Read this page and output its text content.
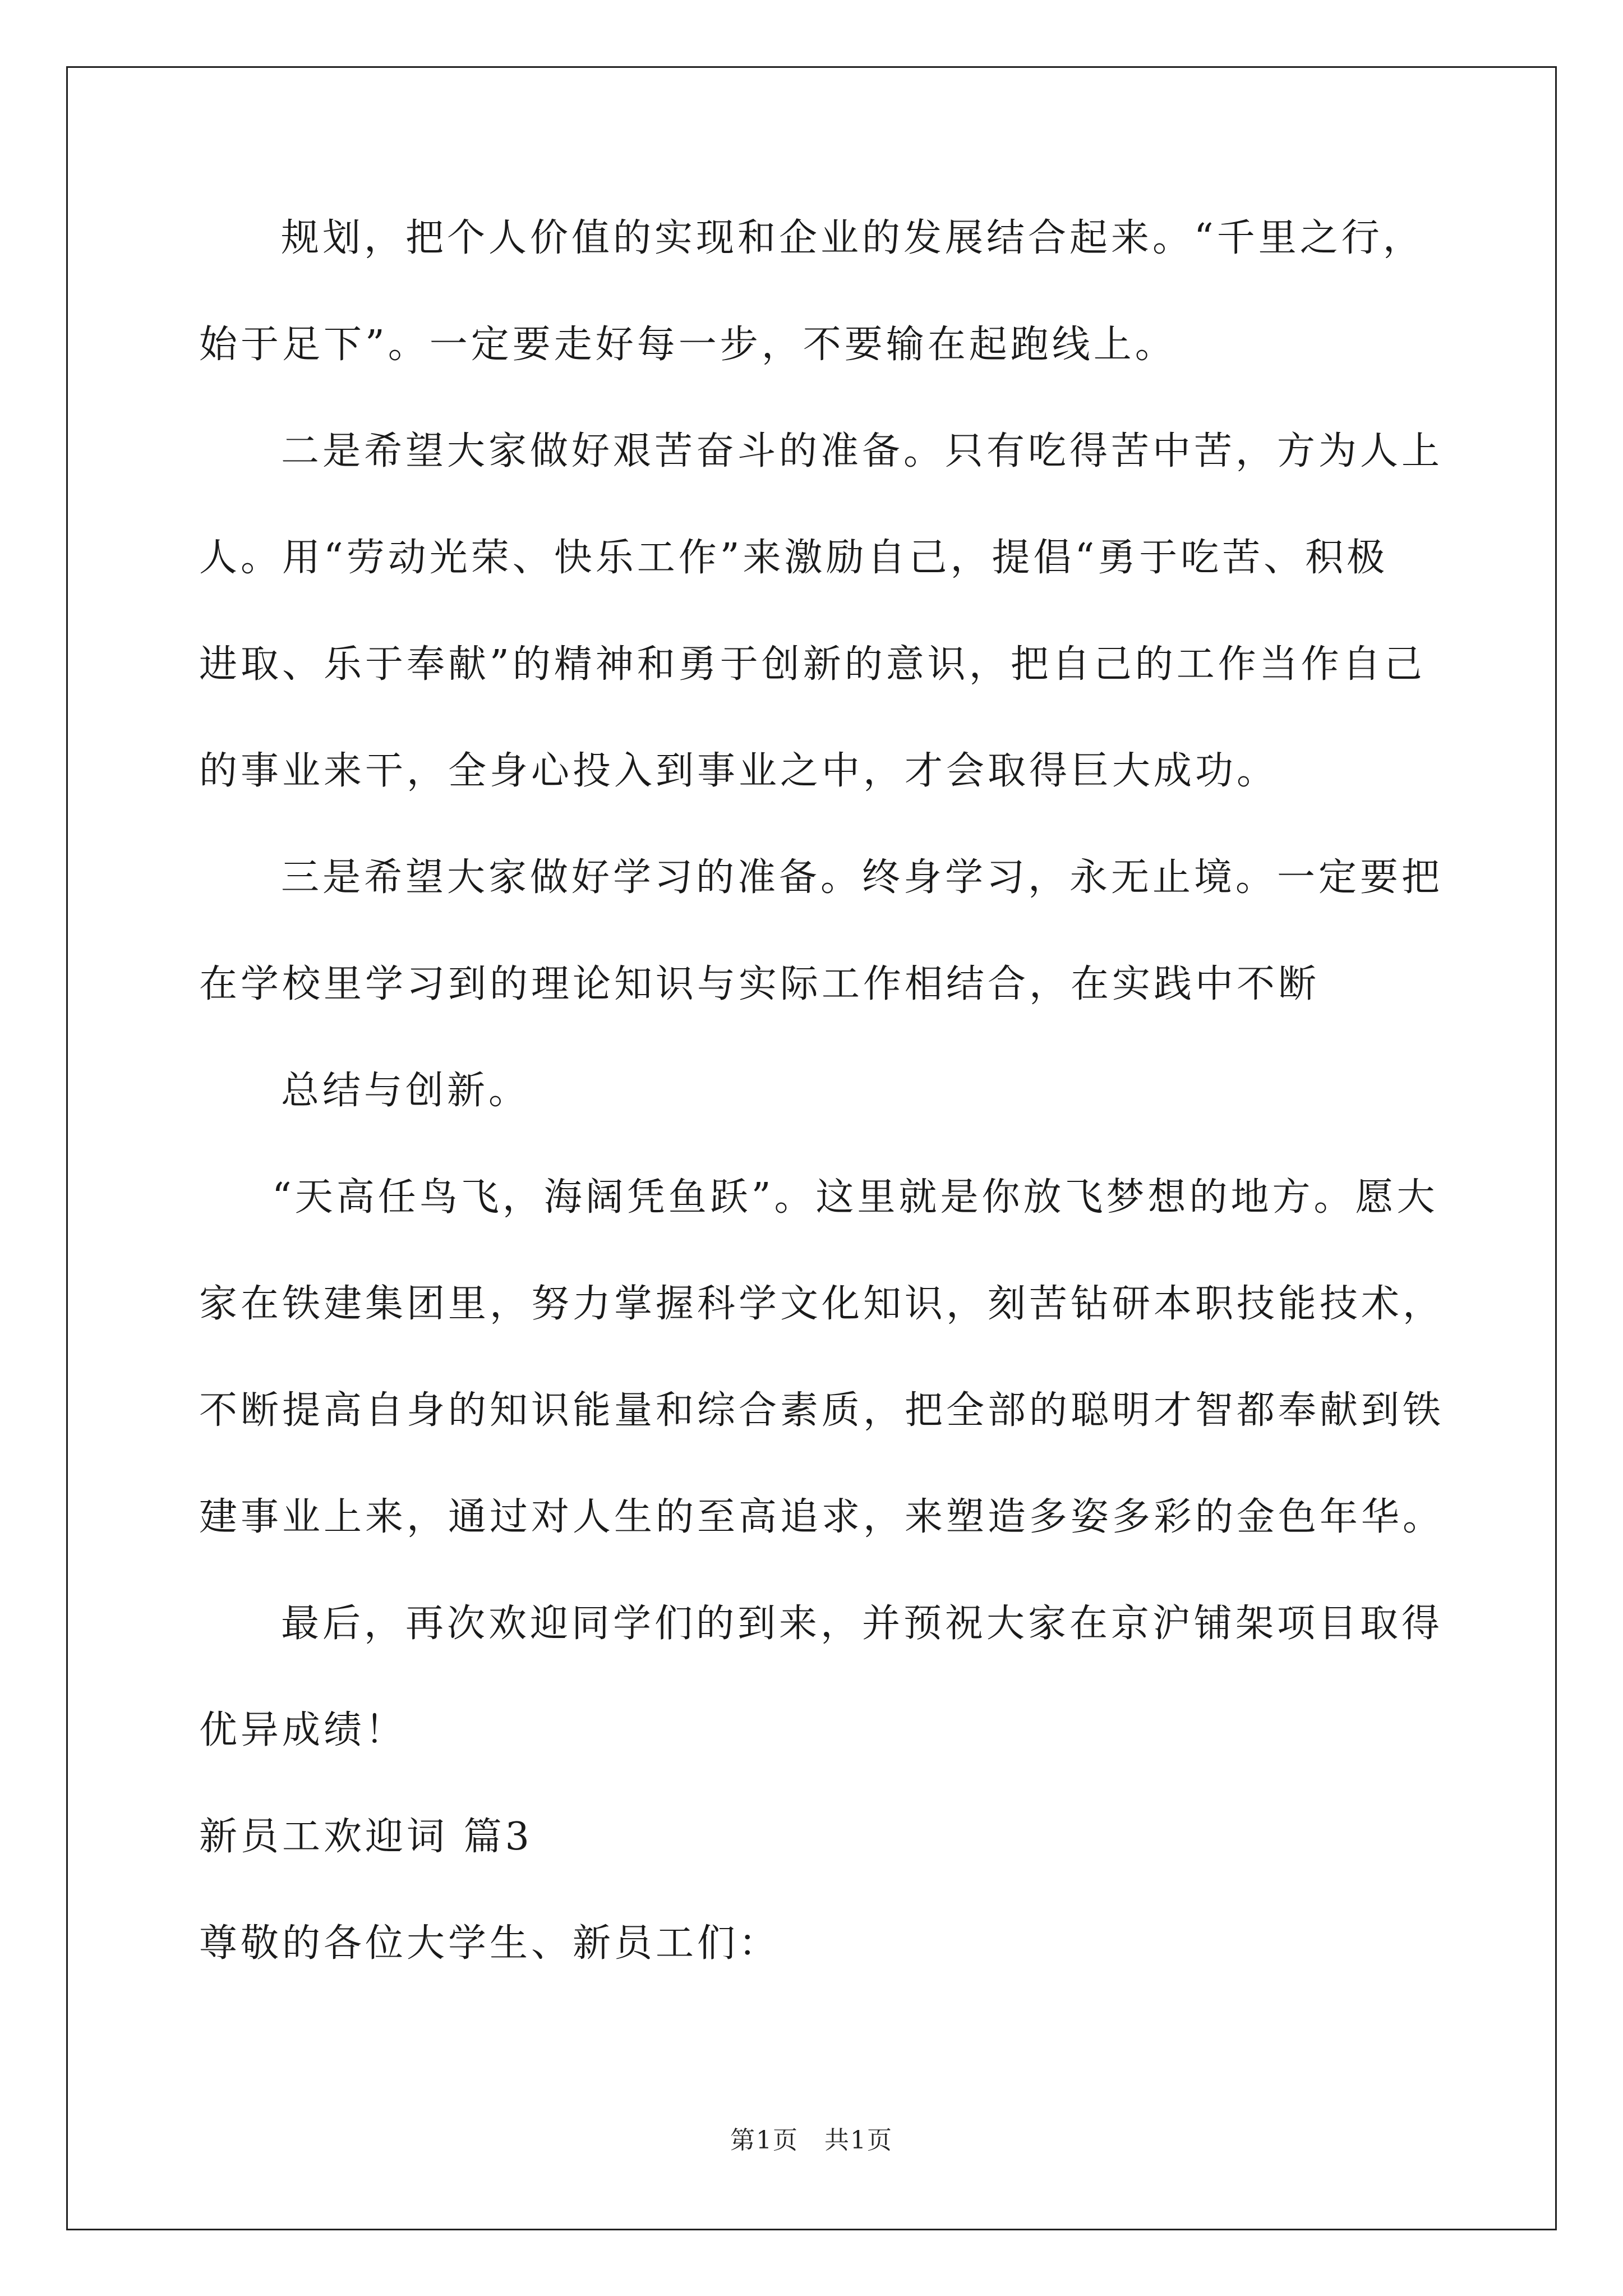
规划，把个人价值的实现和企业的发展结合起来。“千里之行，
始于足下”。一定要走好每一步，不要输在起跑线上。
二是希望大家做好艰苦奋斗的准备。只有吃得苦中苦，方为人上
人。用“劳动光荣、快乐工作”来激励自己，提倡“勇于吃苦、积极
进取、乐于奉献”的精神和勇于创新的意识，把自己的工作当作自己
的事业来干，全身心投入到事业之中，才会取得巨大成功。
三是希望大家做好学习的准备。终身学习，永无止境。一定要把
在学校里学习到的理论知识与实际工作相结合，在实践中不断
总结与创新。
“天高任鸟飞，海阔凭鱼跃”。这里就是你放飞梦想的地方。愿大
家在铁建集团里，努力掌握科学文化知识，刻苦钻研本职技能技术，
不断提高自身的知识能量和综合素质，把全部的聪明才智都奉献到铁
建事业上来，通过对人生的至高追求，来塑造多姿多彩的金色年华。
最后，再次欢迎同学们的到来，并预祝大家在京沪铺架项目取得
优异成绩！
新员工欢迎词 篇3
尊敬的各位大学生、新员工们：
第1页　共1页
